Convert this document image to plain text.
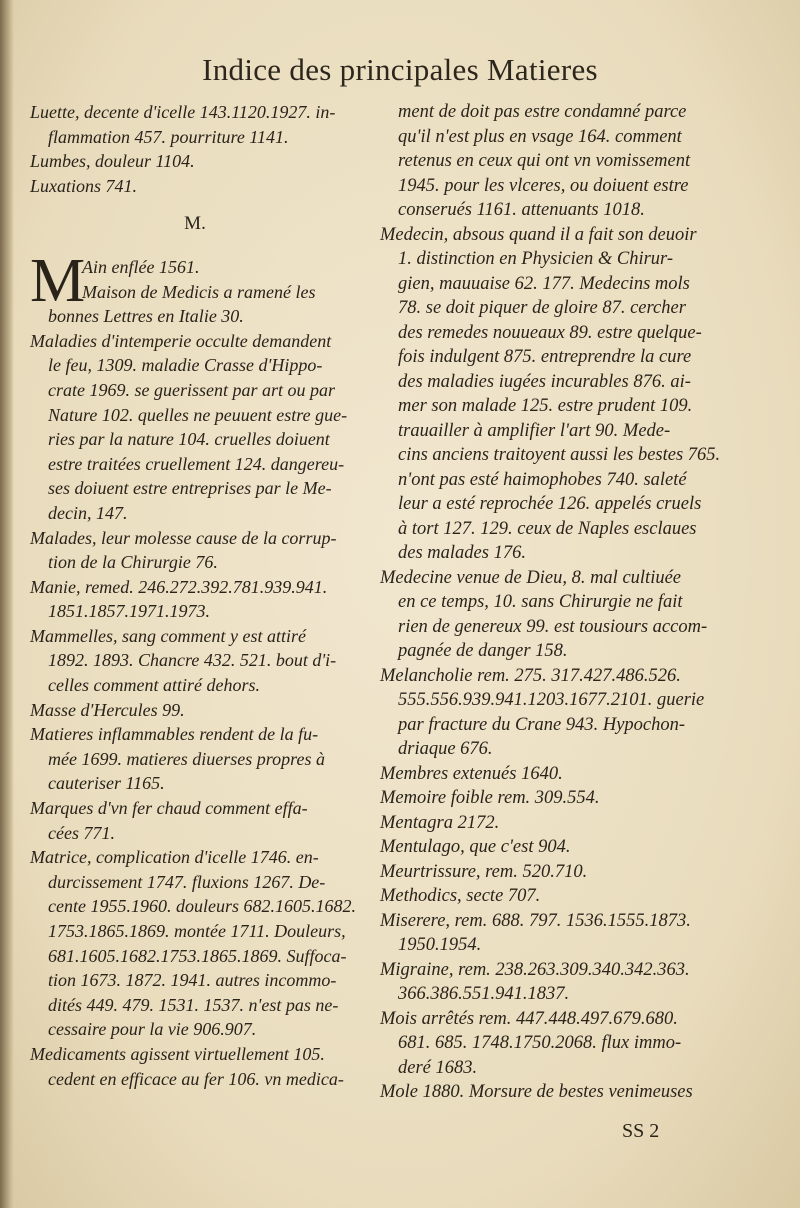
Indice des principales Matieres
Luette, decente d'icelle 143.1120.1927. in-
flammation 457. pourriture 1141.
Lumbes, douleur 1104.
Luxations 741.
M.
M
Ain enflée 1561.
Maison de Medicis a ramené les
bonnes Lettres en Italie 30.
Maladies d'intemperie occulte demandent
le feu, 1309. maladie Crasse d'Hippo-
crate 1969. se guerissent par art ou par
Nature 102. quelles ne peuuent estre gue-
ries par la nature 104. cruelles doiuent
estre traitées cruellement 124. dangereu-
ses doiuent estre entreprises par le Me-
decin, 147.
Malades, leur molesse cause de la corrup-
tion de la Chirurgie 76.
Manie, remed. 246.272.392.781.939.941.
1851.1857.1971.1973.
Mammelles, sang comment y est attiré
1892. 1893. Chancre 432. 521. bout d'i-
celles comment attiré dehors.
Masse d'Hercules 99.
Matieres inflammables rendent de la fu-
mée 1699. matieres diuerses propres à
cauteriser 1165.
Marques d'vn fer chaud comment effa-
cées 771.
Matrice, complication d'icelle 1746. en-
durcissement 1747. fluxions 1267. De-
cente 1955.1960. douleurs 682.1605.1682.
1753.1865.1869. montée 1711. Douleurs,
681.1605.1682.1753.1865.1869. Suffoca-
tion 1673. 1872. 1941. autres incommo-
dités 449. 479. 1531. 1537. n'est pas ne-
cessaire pour la vie 906.907.
Medicaments agissent virtuellement 105.
cedent en efficace au fer 106. vn medica-
ment de doit pas estre condamné parce
qu'il n'est plus en vsage 164. comment
retenus en ceux qui ont vn vomissement
1945. pour les vlceres, ou doiuent estre
conserués 1161. attenuants 1018.
Medecin, absous quand il a fait son deuoir
1. distinction en Physicien & Chirur-
gien, mauuaise 62. 177. Medecins mols
78. se doit piquer de gloire 87. cercher
des remedes nouueaux 89. estre quelque-
fois indulgent 875. entreprendre la cure
des maladies iugées incurables 876. ai-
mer son malade 125. estre prudent 109.
trauailler à amplifier l'art 90. Mede-
cins anciens traitoyent aussi les bestes 765.
n'ont pas esté haimophobes 740. saleté
leur a esté reprochée 126. appelés cruels
à tort 127. 129. ceux de Naples esclaues
des malades 176.
Medecine venue de Dieu, 8. mal cultiuée
en ce temps, 10. sans Chirurgie ne fait
rien de genereux 99. est tousiours accom-
pagnée de danger 158.
Melancholie rem. 275. 317.427.486.526.
555.556.939.941.1203.1677.2101. guerie
par fracture du Crane 943. Hypochon-
driaque 676.
Membres extenués 1640.
Memoire foible rem. 309.554.
Mentagra 2172.
Mentulago, que c'est 904.
Meurtrissure, rem. 520.710.
Methodics, secte 707.
Miserere, rem. 688. 797. 1536.1555.1873.
1950.1954.
Migraine, rem. 238.263.309.340.342.363.
366.386.551.941.1837.
Mois arrêtés rem. 447.448.497.679.680.
681. 685. 1748.1750.2068. flux immo-
deré 1683.
Mole 1880. Morsure de bestes venimeuses
SS 2
